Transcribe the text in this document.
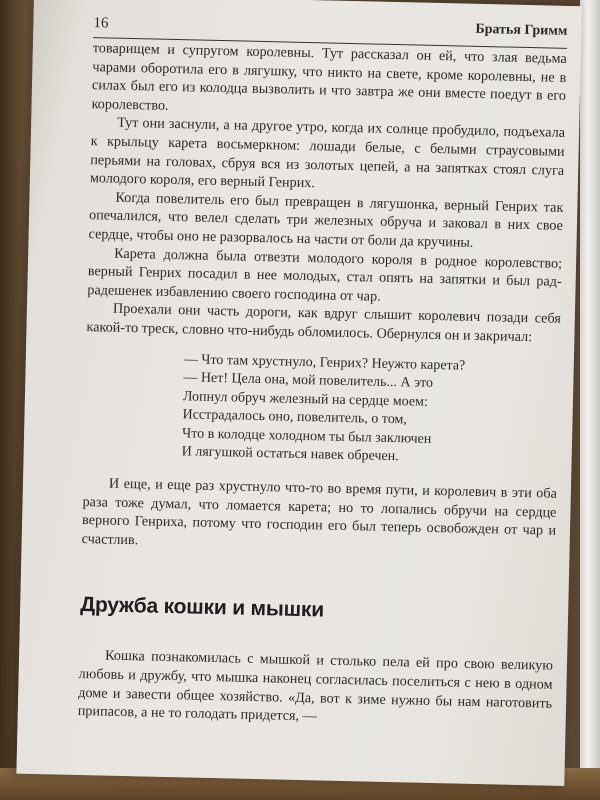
16	Братья Гримм

товарищем и супругом королевны. Тут рассказал он ей, что злая ведьма чарами оборотила его в лягушку, что никто на свете, кроме королевны, не в силах был его из колодца вызволить и что завтра же они вместе поедут в его королевство.

Тут они заснули, а на другое утро, когда их солнце пробудило, подъехала к крыльцу карета восьмеркном: лошади белые, с белыми страусовыми перьями на головах, сбруя вся из золотых цепей, а на запятках стоял слуга молодого короля, его верный Генрих.

Когда повелитель его был превращен в лягушонка, верный Генрих так опечалился, что велел сделать три железных обруча и заковал в них свое сердце, чтобы оно не разорвалось на части от боли да кручины.

Карета должна была отвезти молодого короля в родное королевство; верный Генрих посадил в нее молодых, стал опять на запятки и был рад-радешенек избавлению своего господина от чар.

Проехали они часть дороги, как вдруг слышит королевич позади себя какой-то треск, словно что-нибудь обломилось. Обернулся он и закричал:

— Что там хрустнуло, Генрих? Неужто карета?
— Нет! Цела она, мой повелитель... А это
Лопнул обруч железный на сердце моем:
Исстрадалось оно, повелитель, о том,
Что в колодце холодном ты был заключен
И лягушкой остаться навек обречен.

И еще, и еще раз хрустнуло что-то во время пути, и королевич в эти оба раза тоже думал, что ломается карета; но то лопались обручи на сердце верного Генриха, потому что господин его был теперь освобожден от чар и счастлив.

Дружба кошки и мышки

Кошка познакомилась с мышкой и столько пела ей про свою великую любовь и дружбу, что мышка наконец согласилась поселиться с нею в одном доме и завести общее хозяйство. «Да, вот к зиме нужно бы нам наготовить припасов, а не то голодать придется, —
